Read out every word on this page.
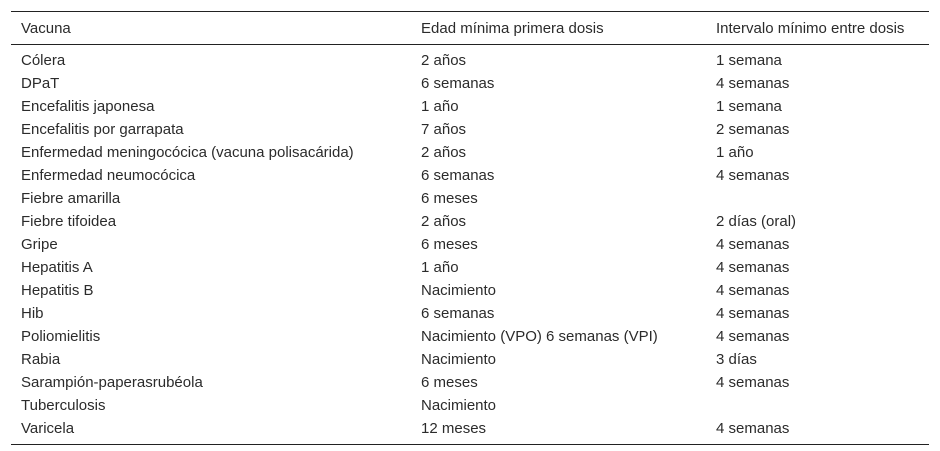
Vacuna	Edad mínima primera dosis	Intervalo mínimo entre dosis
Cólera	2 años	1 semana
DPaT	6 semanas	4 semanas
Encefalitis japonesa	1 año	1 semana
Encefalitis por garrapata	7 años	2 semanas
Enfermedad meningocócica (vacuna polisacárida)	2 años	1 año
Enfermedad neumocócica	6 semanas	4 semanas
Fiebre amarilla	6 meses	
Fiebre tifoidea	2 años	2 días (oral)
Gripe	6 meses	4 semanas
Hepatitis A	1 año	4 semanas
Hepatitis B	Nacimiento	4 semanas
Hib	6 semanas	4 semanas
Poliomielitis	Nacimiento (VPO) 6 semanas (VPI)	4 semanas
Rabia	Nacimiento	3 días
Sarampión-paperasrubéola	6 meses	4 semanas
Tuberculosis	Nacimiento	
Varicela	12 meses	4 semanas
